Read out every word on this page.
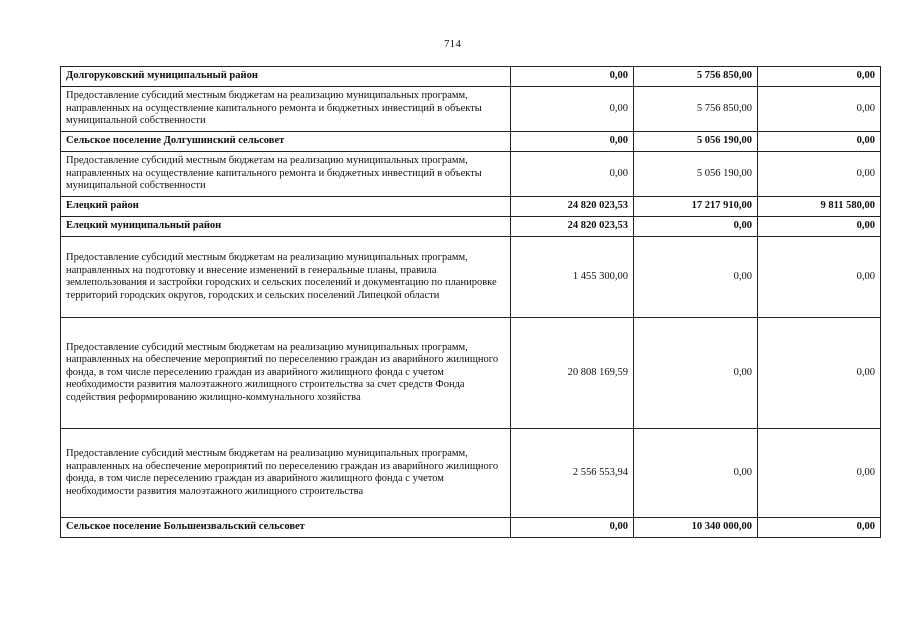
714
Долгоруковский муниципальный район	0,00	5 756 850,00	0,00
Предоставление субсидий местным бюджетам на реализацию муниципальных программ, направленных на осуществление капитального ремонта и бюджетных инвестиций в объекты муниципальной собственности	0,00	5 756 850,00	0,00
Сельское поселение Долгушинский сельсовет	0,00	5 056 190,00	0,00
Предоставление субсидий местным бюджетам на реализацию муниципальных программ, направленных на осуществление капитального ремонта и бюджетных инвестиций в объекты муниципальной собственности	0,00	5 056 190,00	0,00
Елецкий район	24 820 023,53	17 217 910,00	9 811 580,00
Елецкий муниципальный район	24 820 023,53	0,00	0,00
Предоставление субсидий местным бюджетам на реализацию муниципальных программ, направленных на подготовку и внесение изменений в генеральные планы, правила землепользования и застройки городских и сельских поселений и документацию по планировке территорий городских округов, городских и сельских поселений Липецкой области	1 455 300,00	0,00	0,00
Предоставление субсидий местным бюджетам на реализацию муниципальных программ, направленных на обеспечение мероприятий по переселению граждан из аварийного жилищного фонда, в том числе переселению граждан из аварийного жилищного фонда с учетом необходимости развития малоэтажного жилищного строительства за счет средств Фонда содействия реформированию жилищно-коммунального хозяйства	20 808 169,59	0,00	0,00
Предоставление субсидий местным бюджетам на реализацию муниципальных программ, направленных на обеспечение мероприятий по переселению граждан из аварийного жилищного фонда, в том числе переселению граждан из аварийного жилищного фонда с учетом необходимости развития малоэтажного жилищного строительства	2 556 553,94	0,00	0,00
Сельское поселение Большеизвальский сельсовет	0,00	10 340 000,00	0,00
